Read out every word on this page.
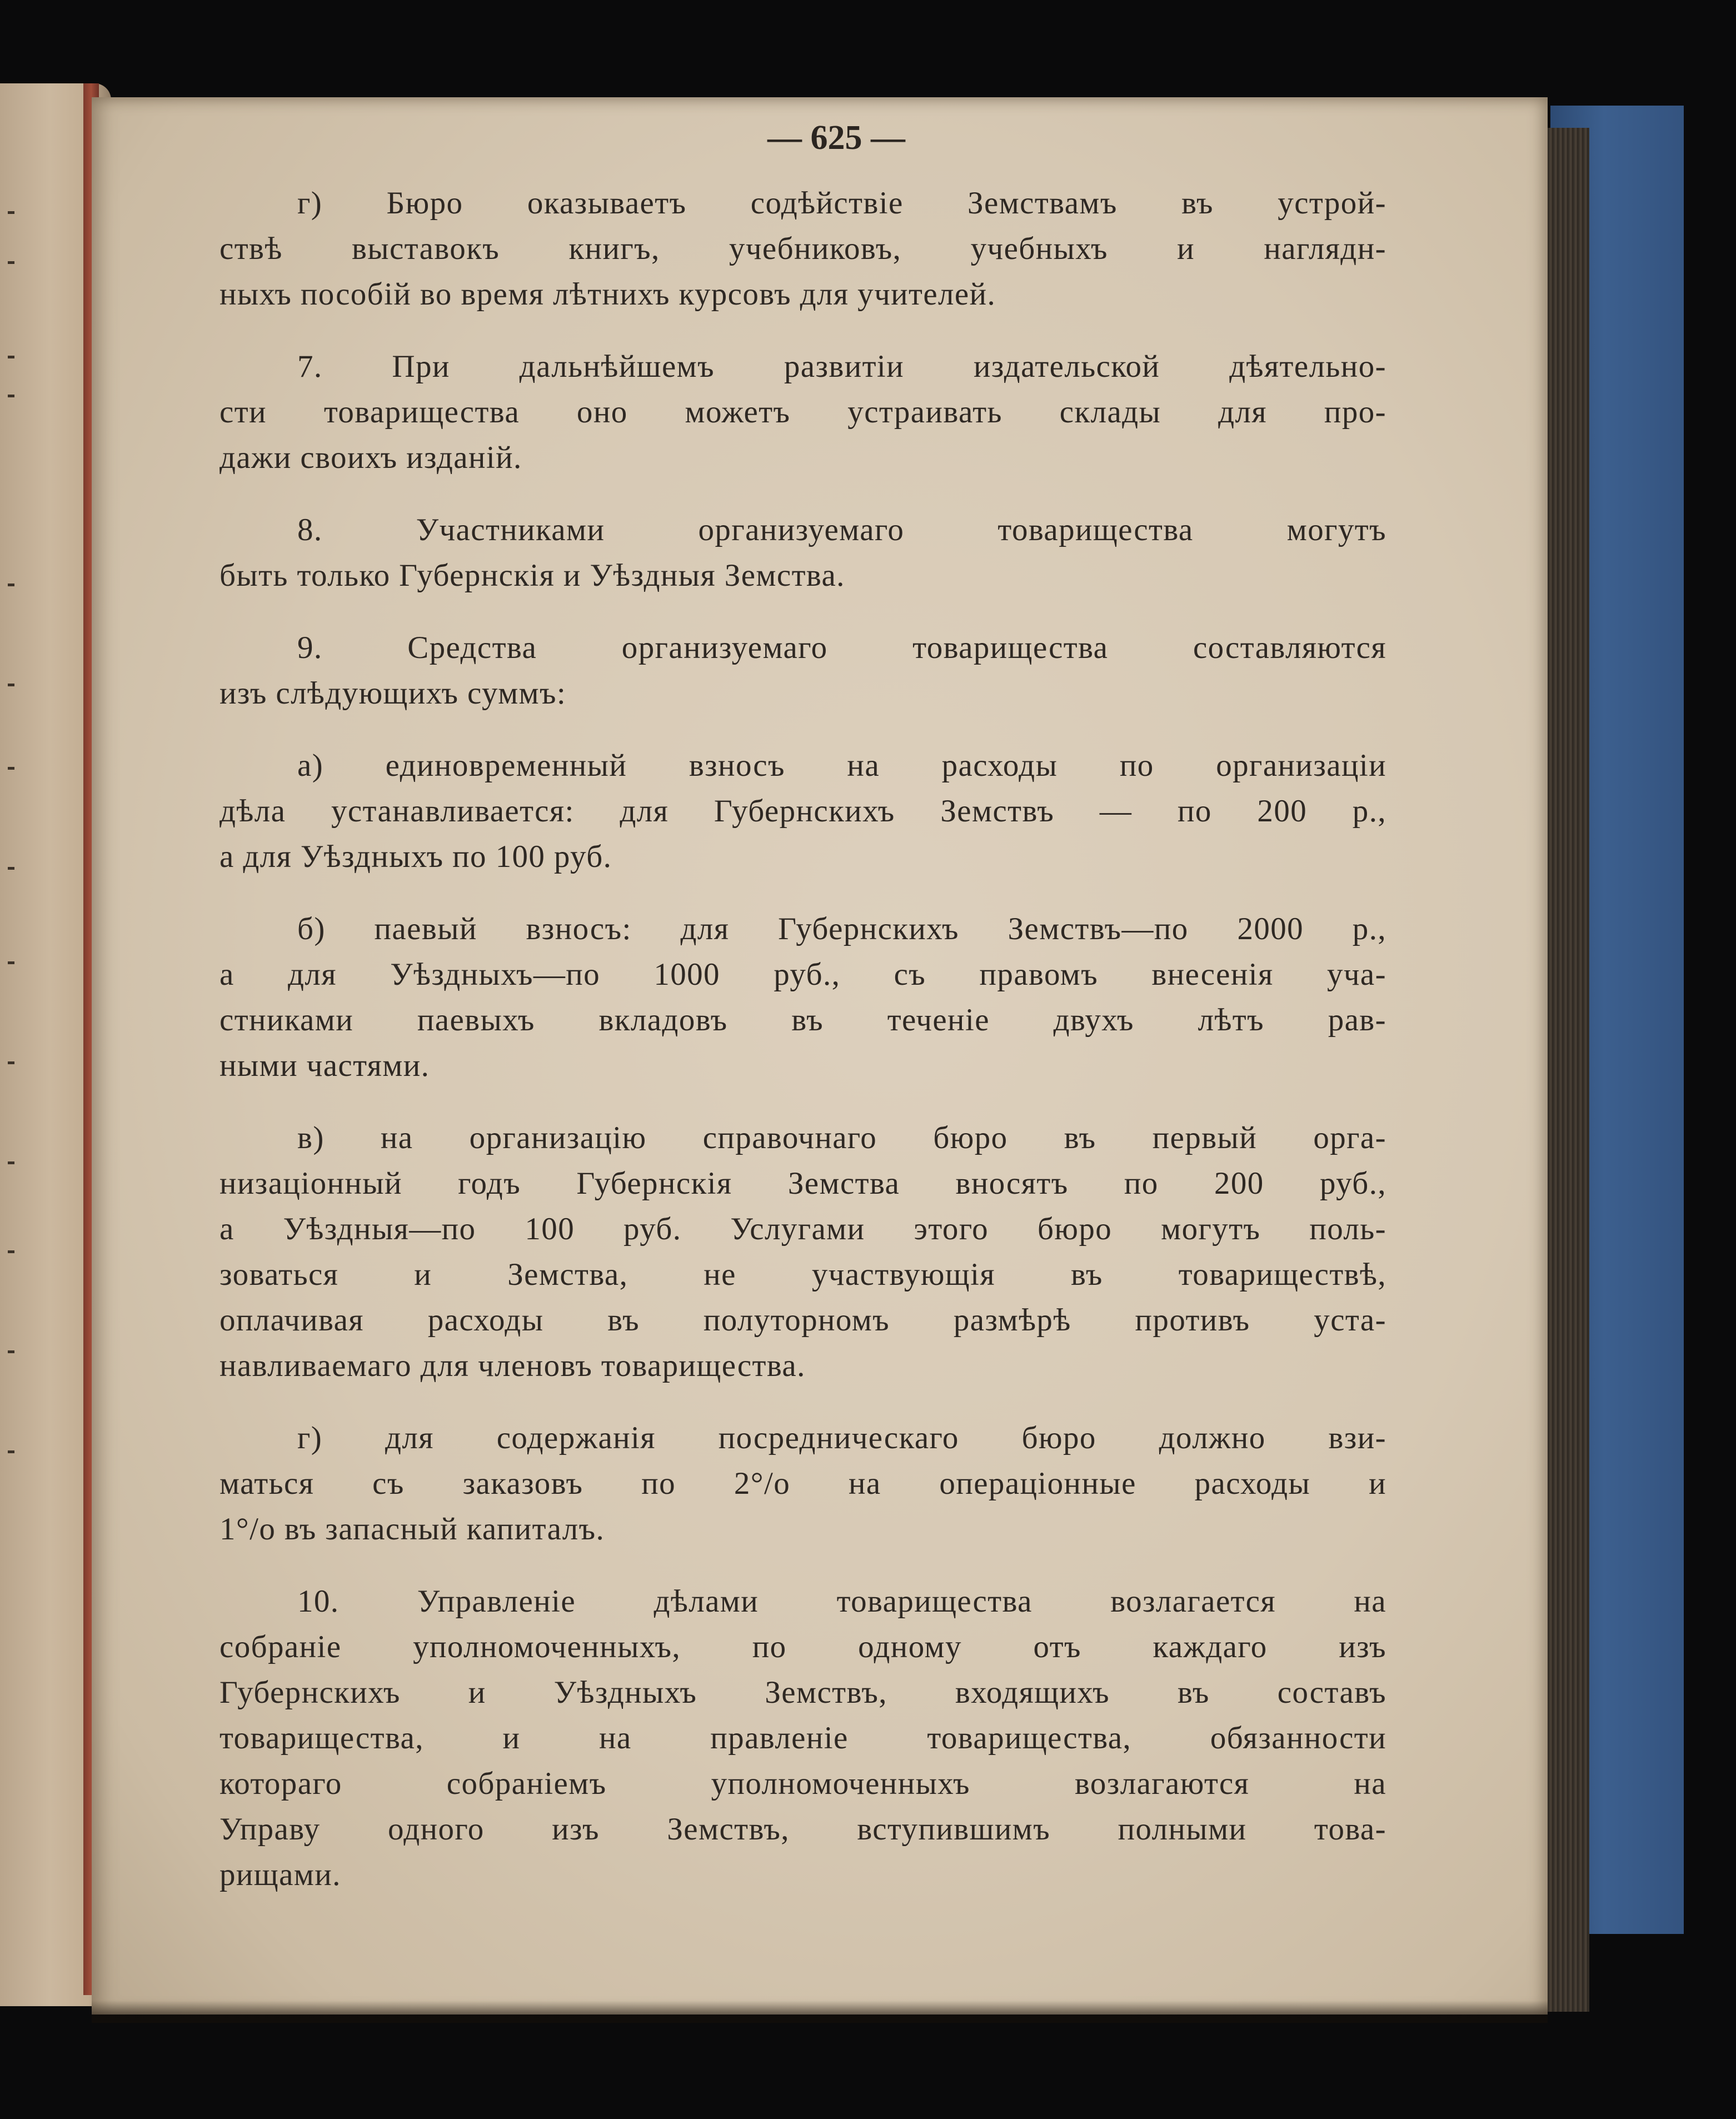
— 625 —
г) Бюро оказываетъ содѣйствіе Земствамъ въ устрой-
ствѣ выставокъ книгъ, учебниковъ, учебныхъ и наглядн-
ныхъ пособій во время лѣтнихъ курсовъ для учителей.
7. При дальнѣйшемъ развитіи издательской дѣятельно-
сти товарищества оно можетъ устраивать склады для про-
дажи своихъ изданій.
8. Участниками организуемаго товарищества могутъ
быть только Губернскія и Уѣздныя Земства.
9. Средства организуемаго товарищества составляются
изъ слѣдующихъ суммъ:
а) единовременный взносъ на расходы по организаціи
дѣла устанавливается: для Губернскихъ Земствъ — по 200 р.,
а для Уѣздныхъ по 100 руб.
б) паевый взносъ: для Губернскихъ Земствъ—по 2000 р.,
а для Уѣздныхъ—по 1000 руб., съ правомъ внесенія уча-
стниками паевыхъ вкладовъ въ теченіе двухъ лѣтъ рав-
ными частями.
в) на организацію справочнаго бюро въ первый орга-
низаціонный годъ Губернскія Земства вносятъ по 200 руб.,
а Уѣздныя—по 100 руб. Услугами этого бюро могутъ поль-
зоваться и Земства, не участвующія въ товариществѣ,
оплачивая расходы въ полуторномъ размѣрѣ противъ уста-
навливаемаго для членовъ товарищества.
г) для содержанія посредническаго бюро должно взи-
маться съ заказовъ по 2°/о на операціонные расходы и
1°/о въ запасный капиталъ.
10. Управленіе дѣлами товарищества возлагается на
собраніе уполномоченныхъ, по одному отъ каждаго изъ
Губернскихъ и Уѣздныхъ Земствъ, входящихъ въ составъ
товарищества, и на правленіе товарищества, обязанности
котораго собраніемъ уполномоченныхъ возлагаются на
Управу одного изъ Земствъ, вступившимъ полными това-
рищами.
